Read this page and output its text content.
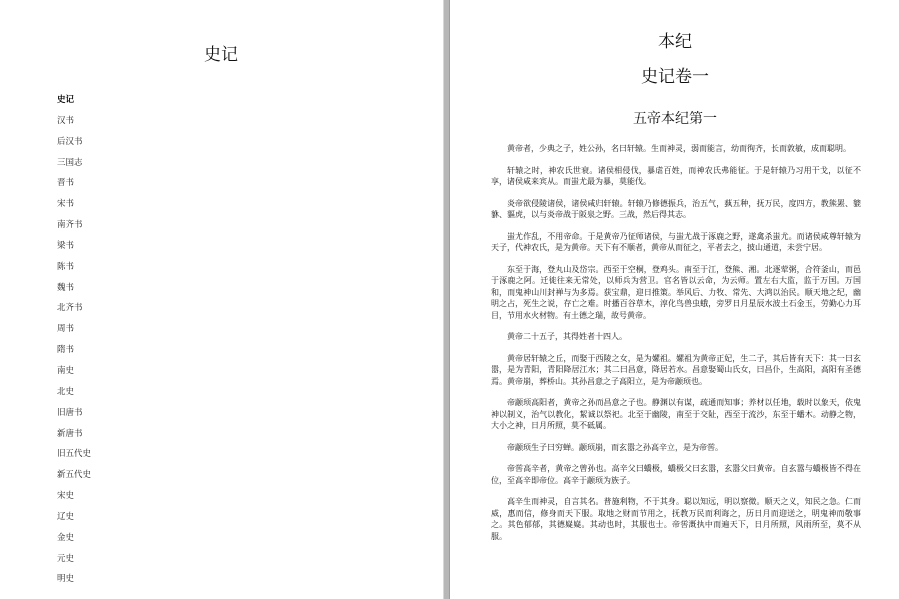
史记
史记
汉书
后汉书
三国志
晋书
宋书
南齐书
梁书
陈书
魏书
北齐书
周书
隋书
南史
北史
旧唐书
新唐书
旧五代史
新五代史
宋史
辽史
金史
元史
明史
本纪
史记卷一
五帝本纪第一

黄帝者，少典之子，姓公孙，名曰轩辕。生而神灵，弱而能言，幼而徇齐，长而敦敏，成而聪明。

轩辕之时，神农氏世衰。诸侯相侵伐，暴虐百姓，而神农氏弗能征。于是轩辕乃习用干戈，以征不享，诸侯咸来宾从。而蚩尤最为暴，莫能伐。

炎帝欲侵陵诸侯，诸侯咸归轩辕。轩辕乃修德振兵，治五气，蓺五种，抚万民，度四方，教熊罴、貔貅、貙虎，以与炎帝战于阪泉之野。三战，然后得其志。

蚩尤作乱，不用帝命。于是黄帝乃征师诸侯，与蚩尤战于涿鹿之野，遂禽杀蚩尤。而诸侯咸尊轩辕为天子，代神农氏，是为黄帝。天下有不顺者，黄帝从而征之，平者去之，披山通道，未尝宁居。

东至于海，登丸山及岱宗。西至于空桐，登鸡头。南至于江，登熊、湘。北逐荤粥，合符釜山，而邑于涿鹿之阿。迁徙往来无常处，以师兵为营卫。官名皆以云命，为云师。置左右大监，监于万国。万国和，而鬼神山川封禅与为多焉。获宝鼎，迎日推策。举风后、力牧、常先、大鸿以治民。顺天地之纪，幽明之占，死生之说，存亡之难。时播百谷草木，淳化鸟兽虫蛾，旁罗日月星辰水波土石金玉，劳勤心力耳目，节用水火材物。有土德之瑞，故号黄帝。

黄帝二十五子，其得姓者十四人。

黄帝居轩辕之丘，而娶于西陵之女，是为嫘祖。嫘祖为黄帝正妃，生二子，其后皆有天下：其一曰玄嚣，是为青阳，青阳降居江水；其二曰昌意，降居若水。昌意娶蜀山氏女，曰昌仆，生高阳，高阳有圣德焉。黄帝崩，葬桥山。其孙昌意之子高阳立，是为帝颛顼也。

帝颛顼高阳者，黄帝之孙而昌意之子也。静渊以有谋，疏通而知事；养材以任地，载时以象天，依鬼神以制义，治气以教化，絜诚以祭祀。北至于幽陵，南至于交阯，西至于流沙，东至于蟠木。动静之物，大小之神，日月所照，莫不砥属。

帝颛顼生子曰穷蝉。颛顼崩，而玄嚣之孙高辛立，是为帝喾。

帝喾高辛者，黄帝之曾孙也。高辛父曰蟜极，蟜极父曰玄嚣，玄嚣父曰黄帝。自玄嚣与蟜极皆不得在位，至高辛即帝位。高辛于颛顼为族子。

高辛生而神灵，自言其名。普施利物，不于其身。聪以知远，明以察微。顺天之义，知民之急。仁而威，惠而信，修身而天下服。取地之财而节用之，抚教万民而利诲之，历日月而迎送之，明鬼神而敬事之。其色郁郁，其德嶷嶷。其动也时，其服也士。帝喾溉执中而遍天下，日月所照，风雨所至，莫不从服。
